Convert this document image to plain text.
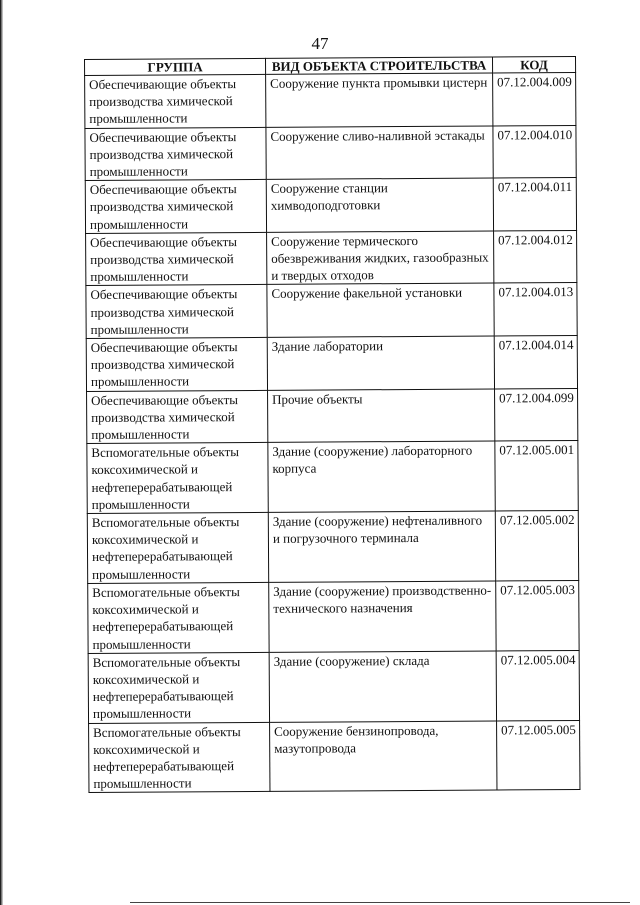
47
ГРУППА	ВИД ОБЪЕКТА СТРОИТЕЛЬСТВА	КОД
Обеспечивающие объекты производства химической промышленности	Сооружение пункта промывки цистерн	07.12.004.009
Обеспечивающие объекты производства химической промышленности	Сооружение сливо-наливной эстакады	07.12.004.010
Обеспечивающие объекты производства химической промышленности	Сооружение станции химводоподготовки	07.12.004.011
Обеспечивающие объекты производства химической промышленности	Сооружение термического обезвреживания жидких, газообразных и твердых отходов	07.12.004.012
Обеспечивающие объекты производства химической промышленности	Сооружение факельной установки	07.12.004.013
Обеспечивающие объекты производства химической промышленности	Здание лаборатории	07.12.004.014
Обеспечивающие объекты производства химической промышленности	Прочие объекты	07.12.004.099
Вспомогательные объекты коксохимической и нефтеперерабатывающей промышленности	Здание (сооружение) лабораторного корпуса	07.12.005.001
Вспомогательные объекты коксохимической и нефтеперерабатывающей промышленности	Здание (сооружение) нефтеналивного и погрузочного терминала	07.12.005.002
Вспомогательные объекты коксохимической и нефтеперерабатывающей промышленности	Здание (сооружение) производственно-технического назначения	07.12.005.003
Вспомогательные объекты коксохимической и нефтеперерабатывающей промышленности	Здание (сооружение) склада	07.12.005.004
Вспомогательные объекты коксохимической и нефтеперерабатывающей промышленности	Сооружение бензинопровода, мазутопровода	07.12.005.005
